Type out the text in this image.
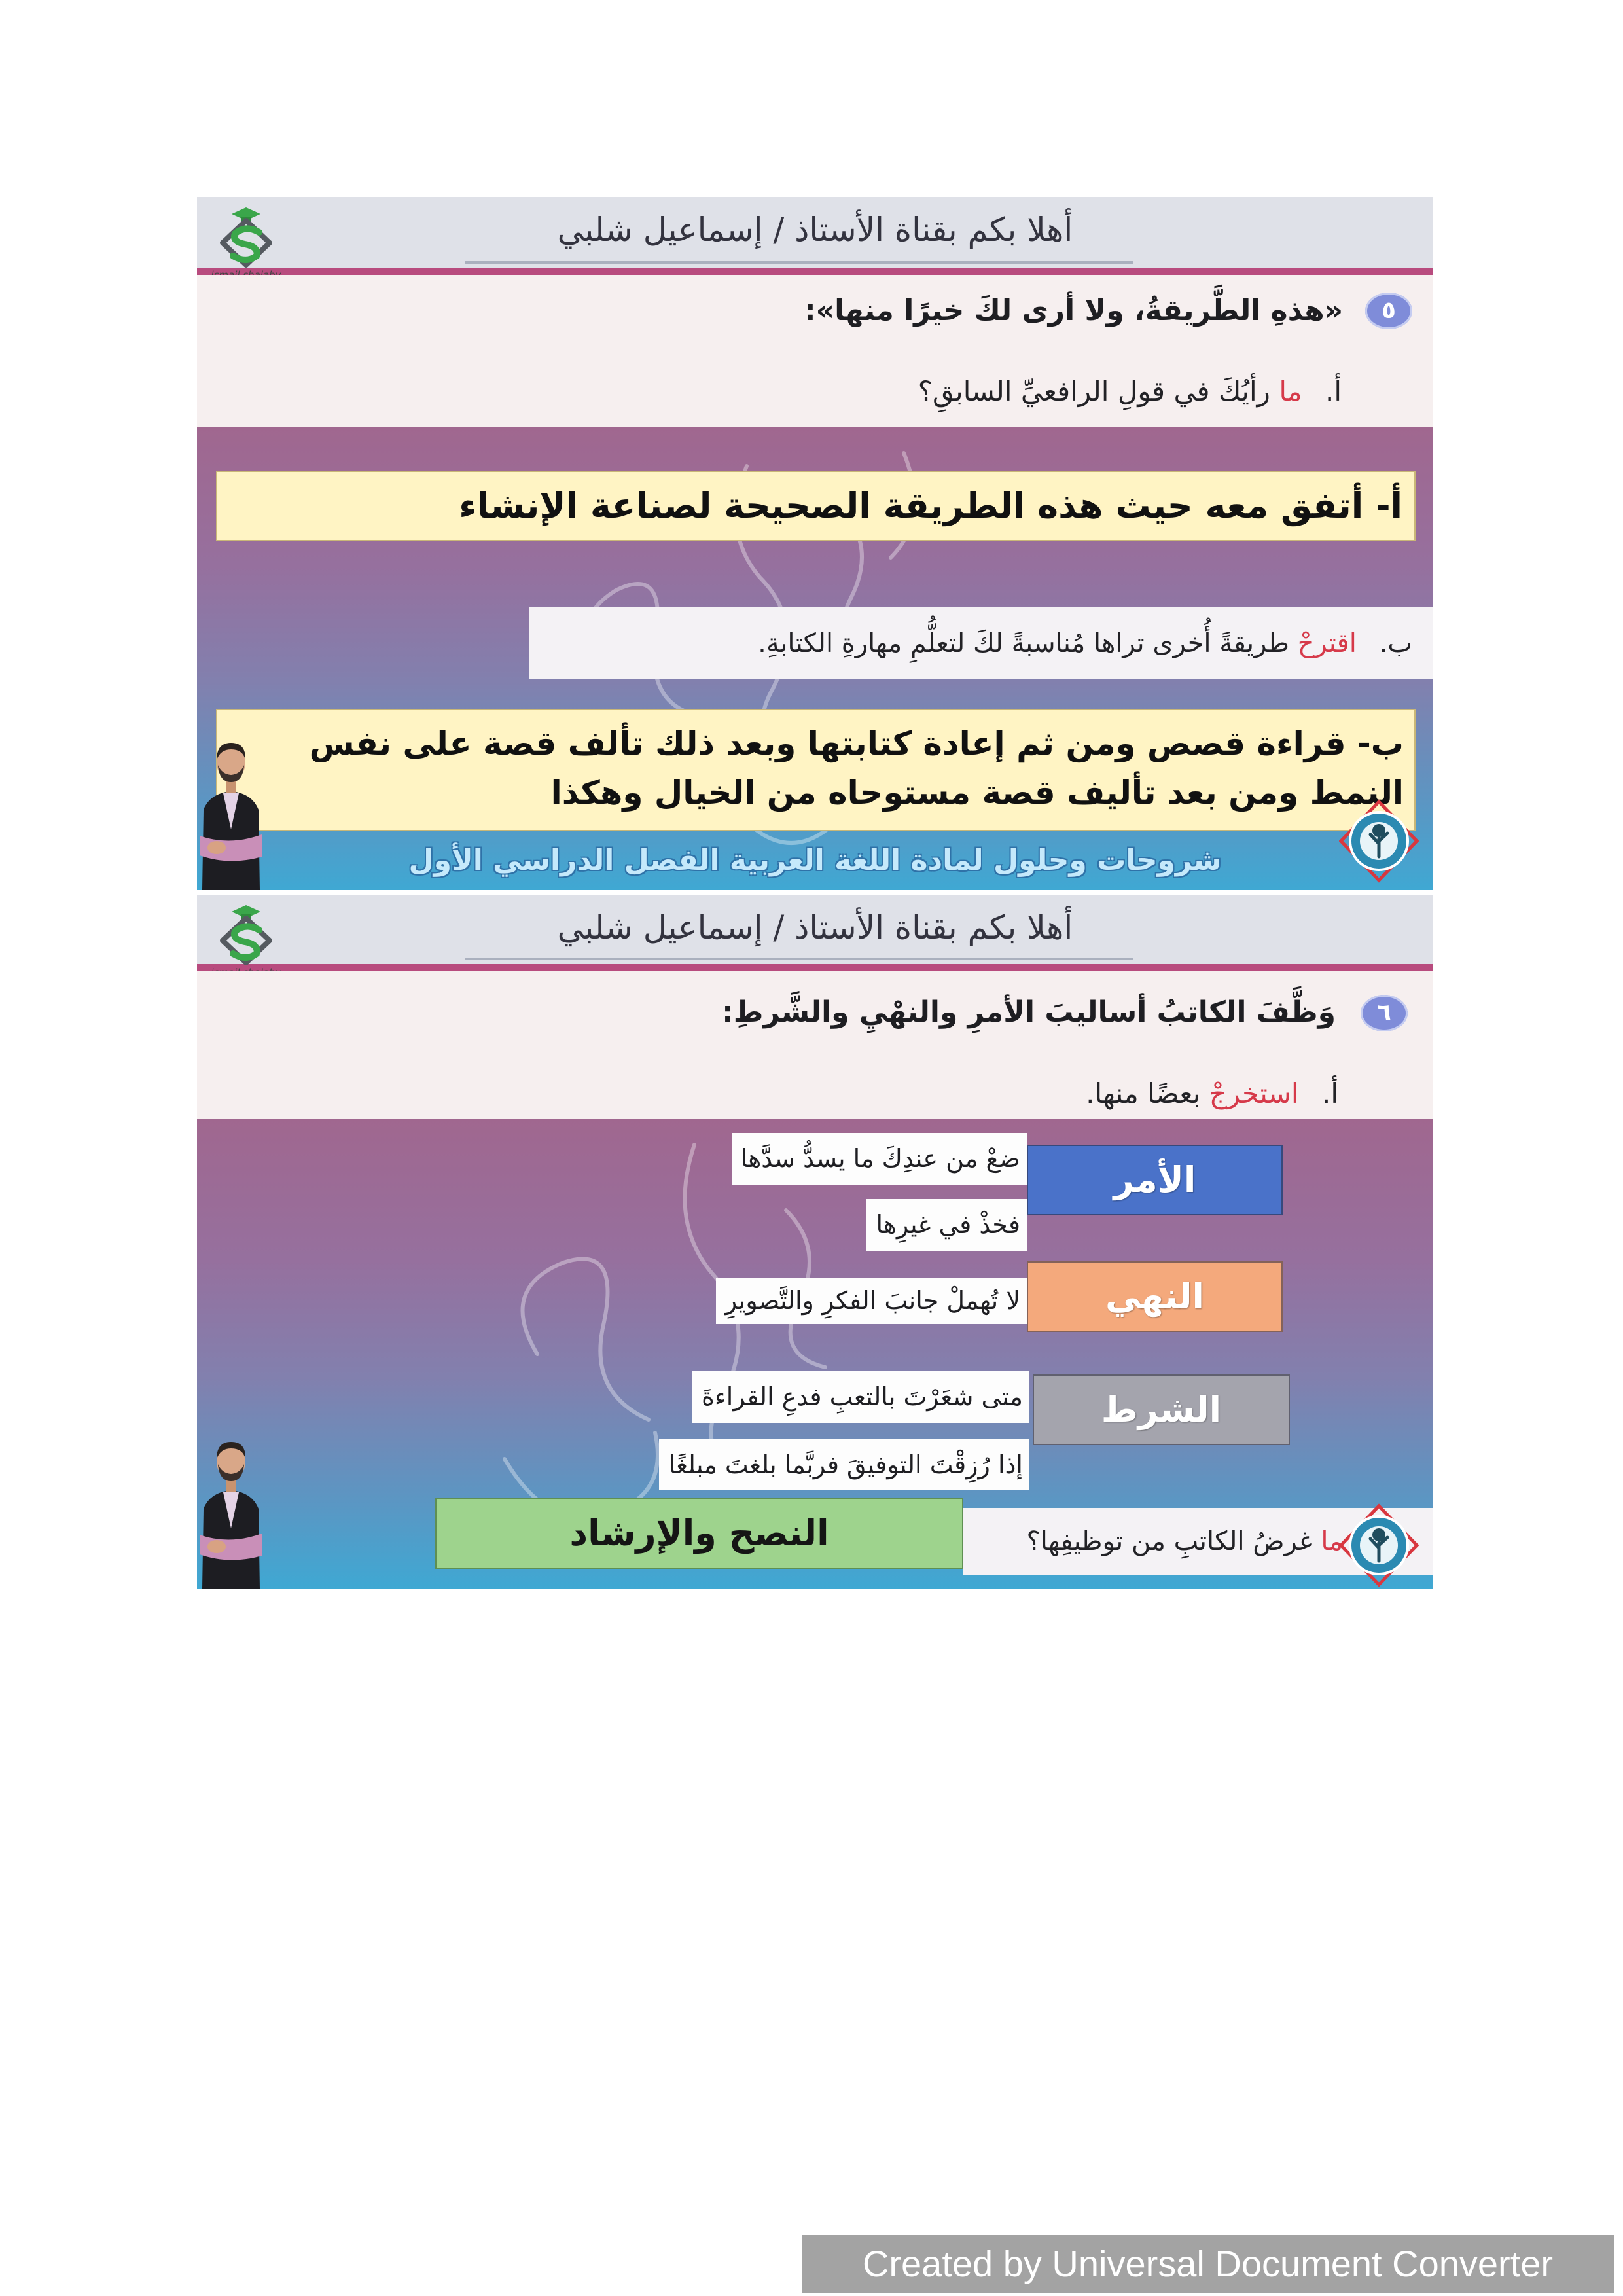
أهلا بكم بقناة الأستاذ / إسماعيل شلبي
٥
«هذهِ الطَّريقةُ، ولا أرى لكَ خيرًا منها»:
أ. ما رأيُكَ في قولِ الرافعيِّ السابقِ؟
أ- أتفق معه حيث هذه الطريقة الصحيحة لصناعة الإنشاء
ب. اقترحْ طريقةً أُخرى تراها مُناسبةً لكَ لتعلُّمِ مهارةِ الكتابةِ.
ب- قراءة قصص ومن ثم إعادة كتابتها وبعد ذلك تألف قصة على نفس النمط ومن بعد تأليف قصة مستوحاه من الخيال وهكذا
شروحات وحلول لمادة اللغة العربية الفصل الدراسي الأول
أهلا بكم بقناة الأستاذ / إسماعيل شلبي
٦
وَظَّفَ الكاتبُ أساليبَ الأمرِ والنهْيِ والشَّرطِ:
أ. استخرجْ بعضًا منها.
الأمر
ضعْ من عندِكَ ما يسدُّ سدَّها
فخذْ في غيرِها
النهي
لا تُهملْ جانبَ الفكرِ والتَّصويرِ
الشرط
متى شعَرْتَ بالتعبِ فدعِ القراءةَ
إذا رُزِقْتَ التوفيقَ فربَّما بلغتَ مبلغًا
النصح والإرشاد	ما غرضُ الكاتبِ من توظيفِها؟
Created by Universal Document Converter
